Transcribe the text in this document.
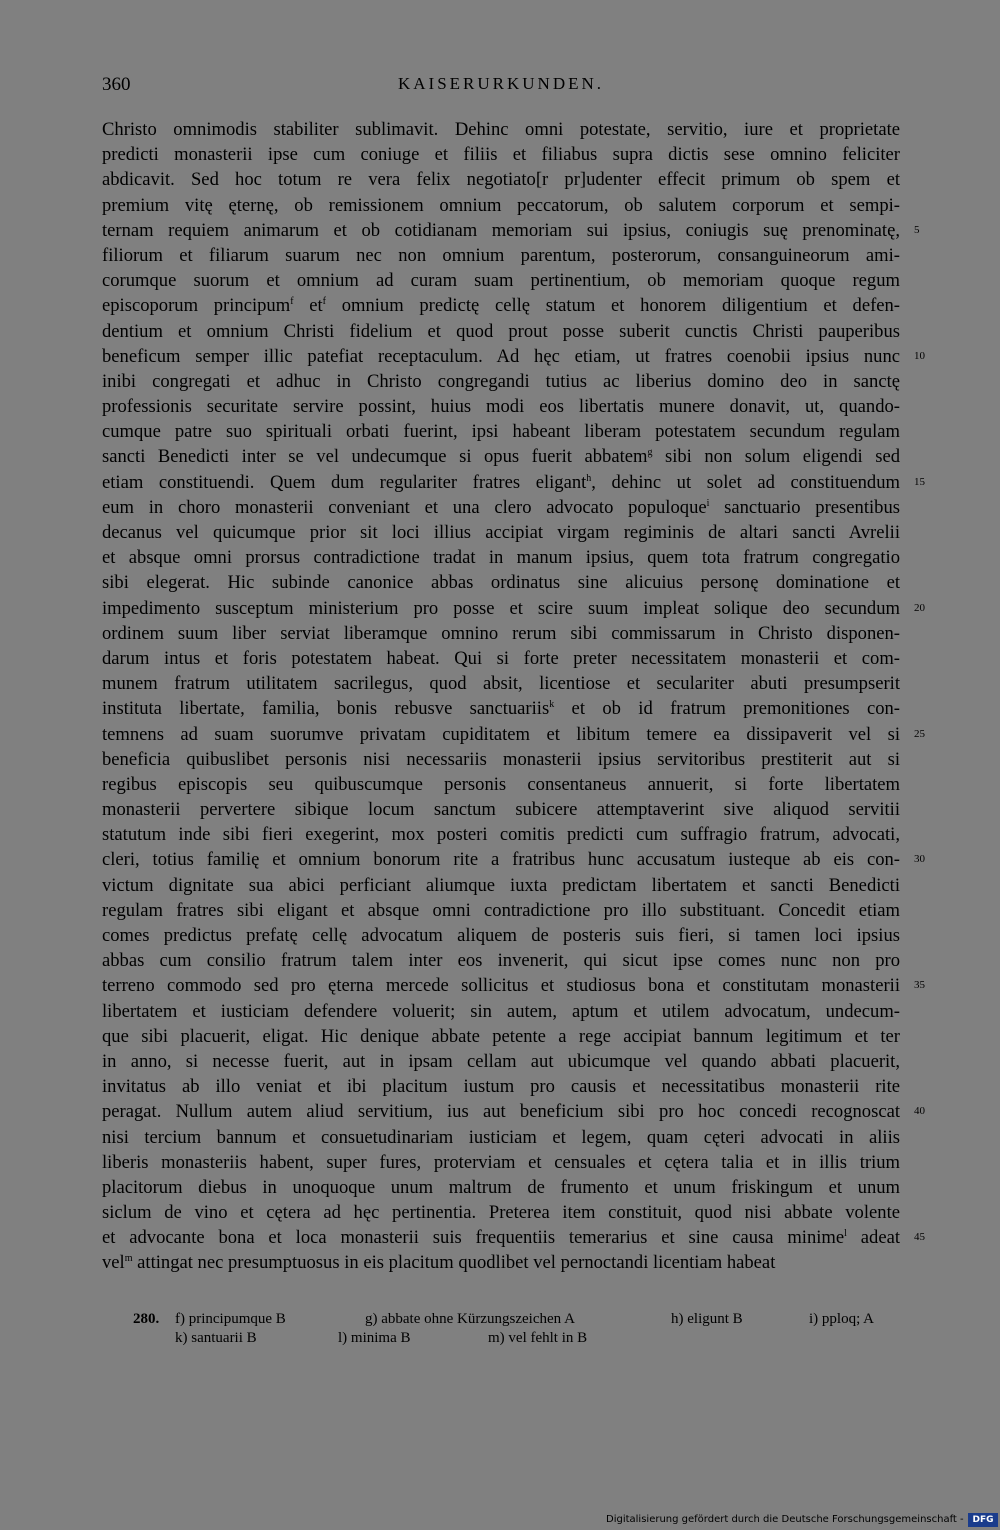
360	KAISERURKUNDEN.
Christo omnimodis stabiliter sublimavit. Dehinc omni potestate, servitio, iure et proprietate
predicti monasterii ipse cum coniuge et filiis et filiabus supra dictis sese omnino feliciter
abdicavit. Sed hoc totum re vera felix negotiato[r pr]udenter effecit primum ob spem et
premium vitę ęternę, ob remissionem omnium peccatorum, ob salutem corporum et sempi-
ternam requiem animarum et ob cotidianam memoriam sui ipsius, coniugis suę prenominatę, 5
filiorum et filiarum suarum nec non omnium parentum, posterorum, consanguineorum ami-
corumque suorum et omnium ad curam suam pertinentium, ob memoriam quoque regum
episcoporum principum$^f$ $et^f$ omnium predictę cellę statum et honorem diligentium et defen-
dentium et omnium Christi fidelium et quod prout posse suberit cunctis Christi pauperibus
beneficum semper illic patefiat receptaculum. Ad hęc etiam, ut fratres coenobii ipsius nunc 10
inibi congregati et adhuc in Christo congregandi tutius ac liberius domino deo in sanctę
professionis securitate servire possint, huius modi eos libertatis munere donavit, ut, quando-
cumque patre suo spirituali orbati fuerint, ipsi habeant liberam potestatem secundum regulam
sancti Benedicti inter se vel undecumque si opus fuerit abbatem$^g$ sibi non solum eligendi sed
etiam constituendi. Quem dum regulariter fratres eligant$^h$, dehinc ut solet ad constituendum 15
eum in choro monasterii conveniant et una clero advocato populoque$^i$ sanctuario presentibus
decanus vel quicumque prior sit loci illius accipiat virgam regiminis de altari sancti Avrelii
et absque omni prorsus contradictione tradat in manum ipsius, quem tota fratrum congregatio
sibi elegerat. Hic subinde canonice abbas ordinatus sine alicuius personę dominatione et
impedimento susceptum ministerium pro posse et scire suum impleat solique deo secundum 20
ordinem suum liber serviat liberamque omnino rerum sibi commissarum in Christo disponen-
darum intus et foris potestatem habeat. Qui si forte preter necessitatem monasterii et com-
munem fratrum utilitatem sacrilegus, quod absit, licentiose et seculariter abuti presumpserit
instituta libertate, familia, bonis rebusve sanctuariis$^k$ et ob id fratrum premonitiones con-
temnens ad suam suorumve privatam cupiditatem et libitum temere ea dissipaverit vel si 25
beneficia quibuslibet personis nisi necessariis monasterii ipsius servitoribus prestiterit aut si
regibus episcopis seu quibuscumque personis consentaneus annuerit, si forte libertatem
monasterii pervertere sibique locum sanctum subicere attemptaverint sive aliquod servitii
statutum inde sibi fieri exegerint, mox posteri comitis predicti cum suffragio fratrum, advocati,
cleri, totius familię et omnium bonorum rite a fratribus hunc accusatum iusteque ab eis con- 30
victum dignitate sua abici perficiant aliumque iuxta predictam libertatem et sancti Benedicti
regulam fratres sibi eligant et absque omni contradictione pro illo substituant. Concedit etiam
comes predictus prefatę cellę advocatum aliquem de posteris suis fieri, si tamen loci ipsius
abbas cum consilio fratrum talem inter eos invenerit, qui sicut ipse comes nunc non pro
terreno commodo sed pro ęterna mercede sollicitus et studiosus bona et constitutam monasterii 35
libertatem et iusticiam defendere voluerit; sin autem, aptum et utilem advocatum, undecum-
que sibi placuerit, eligat. Hic denique abbate petente a rege accipiat bannum legitimum et ter
in anno, si necesse fuerit, aut in ipsam cellam aut ubicumque vel quando abbati placuerit,
invitatus ab illo veniat et ibi placitum iustum pro causis et necessitatibus monasterii rite
peragat. Nullum autem aliud servitium, ius aut beneficium sibi pro hoc concedi recognoscat 40
nisi tercium bannum et consuetudinariam iusticiam et legem, quam cęteri advocati in aliis
liberis monasteriis habent, super fures, proterviam et censuales et cętera talia et in illis trium
placitorum diebus in unoquoque unum maltrum de frumento et unum friskingum et unum
siclum de vino et cętera ad hęc pertinentia. Preterea item constituit, quod nisi abbate volente
et advocante bona et loca monasterii suis frequentiis temerarius et sine causa minime$^l$ adeat 45
vel$^m$ attingat nec presumptuosus in eis placitum quodlibet vel pernoctandi licentiam habeat
280. f) principumque B	g) abbate ohne Kürzungszeichen A	h) eligunt B	i) pploq; A
k) santuarii B	l) minima B	m) vel fehlt in B
Digitalisierung gefördert durch die Deutsche Forschungsgemeinschaft - DFG
